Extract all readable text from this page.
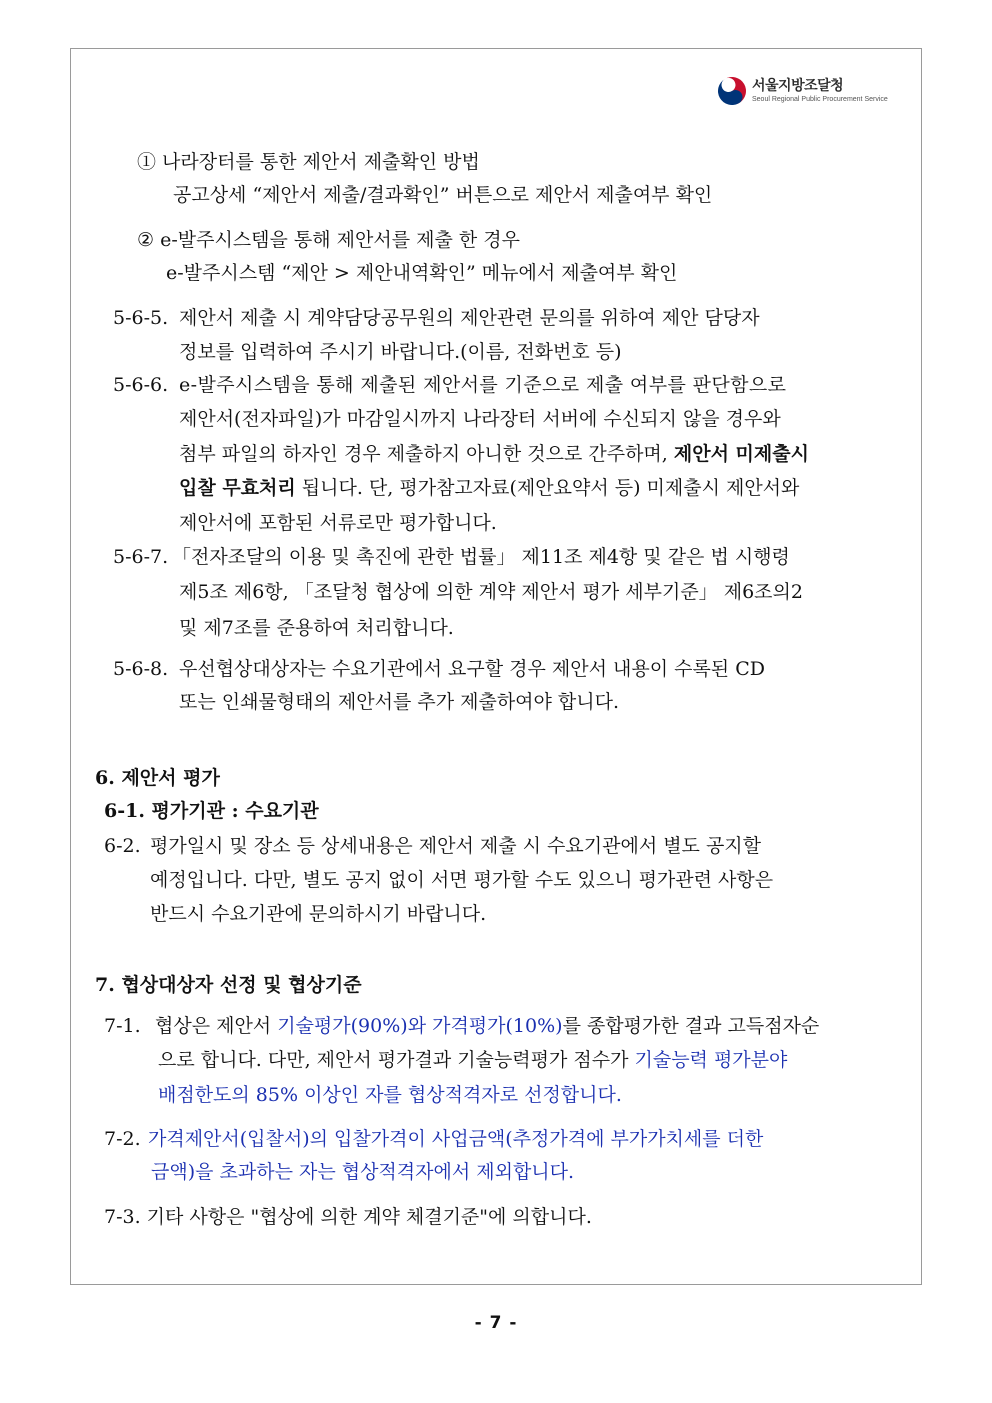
서울지방조달청
Seoul Regional Public Procurement Service
① 나라장터를 통한 제안서 제출확인 방법
공고상세 “제안서 제출/결과확인” 버튼으로 제안서 제출여부 확인
② e-발주시스템을 통해 제안서를 제출 한 경우
e-발주시스템 “제안 > 제안내역확인” 메뉴에서 제출여부 확인
5-6-5. 제안서 제출 시 계약담당공무원의 제안관련 문의를 위하여 제안 담당자
정보를 입력하여 주시기 바랍니다.(이름, 전화번호 등)
5-6-6. e-발주시스템을 통해 제출된 제안서를 기준으로 제출 여부를 판단함으로
제안서(전자파일)가 마감일시까지 나라장터 서버에 수신되지 않을 경우와
첨부 파일의 하자인 경우 제출하지 아니한 것으로 간주하며, 제안서 미제출시
입찰 무효처리 됩니다. 단, 평가참고자료(제안요약서 등) 미제출시 제안서와
제안서에 포함된 서류로만 평가합니다.
5-6-7. 「전자조달의 이용 및 촉진에 관한 법률」 제11조 제4항 및 같은 법 시행령
제5조 제6항, 「조달청 협상에 의한 계약 제안서 평가 세부기준」 제6조의2
및 제7조를 준용하여 처리합니다.
5-6-8. 우선협상대상자는 수요기관에서 요구할 경우 제안서 내용이 수록된 CD
또는 인쇄물형태의 제안서를 추가 제출하여야 합니다.
6. 제안서 평가
6-1. 평가기관 : 수요기관
6-2. 평가일시 및 장소 등 상세내용은 제안서 제출 시 수요기관에서 별도 공지할
예정입니다. 다만, 별도 공지 없이 서면 평가할 수도 있으니 평가관련 사항은
반드시 수요기관에 문의하시기 바랍니다.
7. 협상대상자 선정 및 협상기준
7-1. 협상은 제안서 기술평가(90%)와 가격평가(10%)를 종합평가한 결과 고득점자순
으로 합니다. 다만, 제안서 평가결과 기술능력평가 점수가 기술능력 평가분야
배점한도의 85% 이상인 자를 협상적격자로 선정합니다.
7-2. 가격제안서(입찰서)의 입찰가격이 사업금액(추정가격에 부가가치세를 더한
금액)을 초과하는 자는 협상적격자에서 제외합니다.
7-3. 기타 사항은 "협상에 의한 계약 체결기준"에 의합니다.
- 7 -
